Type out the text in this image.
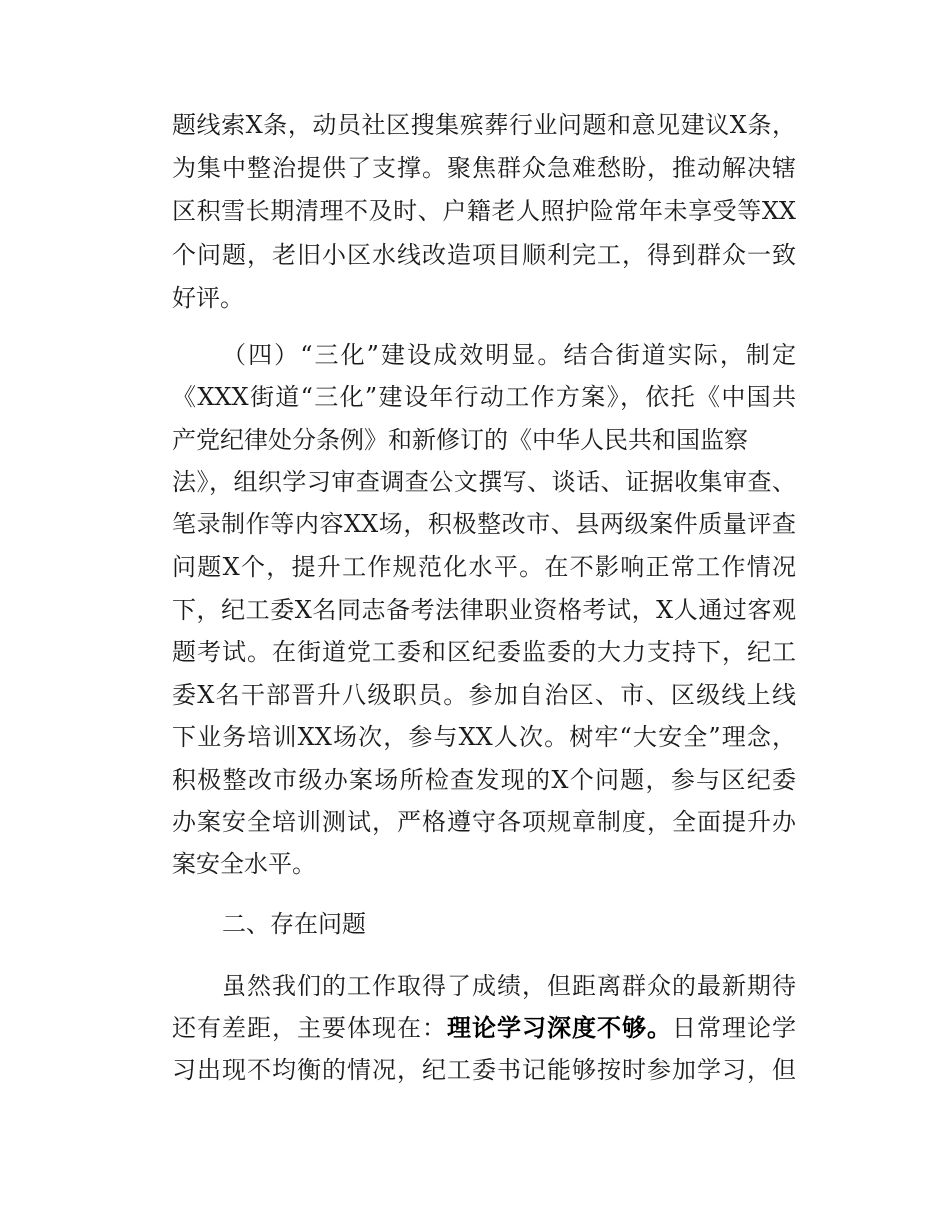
题线索X条，动员社区搜集殡葬行业问题和意见建议X条，
为集中整治提供了支撑。聚焦群众急难愁盼，推动解决辖
区积雪长期清理不及时、户籍老人照护险常年未享受等XX
个问题，老旧小区水线改造项目顺利完工，得到群众一致
好评。
（四）“三化”建设成效明显。结合街道实际，制定
《XXX街道“三化”建设年行动工作方案》，依托《中国共
产党纪律处分条例》和新修订的《中华人民共和国监察
法》，组织学习审查调查公文撰写、谈话、证据收集审查、
笔录制作等内容XX场，积极整改市、县两级案件质量评查
问题X个，提升工作规范化水平。在不影响正常工作情况
下，纪工委X名同志备考法律职业资格考试，X人通过客观
题考试。在街道党工委和区纪委监委的大力支持下，纪工
委X名干部晋升八级职员。参加自治区、市、区级线上线
下业务培训XX场次，参与XX人次。树牢“大安全”理念，
积极整改市级办案场所检查发现的X个问题，参与区纪委
办案安全培训测试，严格遵守各项规章制度，全面提升办
案安全水平。
二、存在问题
虽然我们的工作取得了成绩，但距离群众的最新期待
还有差距，主要体现在：理论学习深度不够。日常理论学
习出现不均衡的情况，纪工委书记能够按时参加学习，但
